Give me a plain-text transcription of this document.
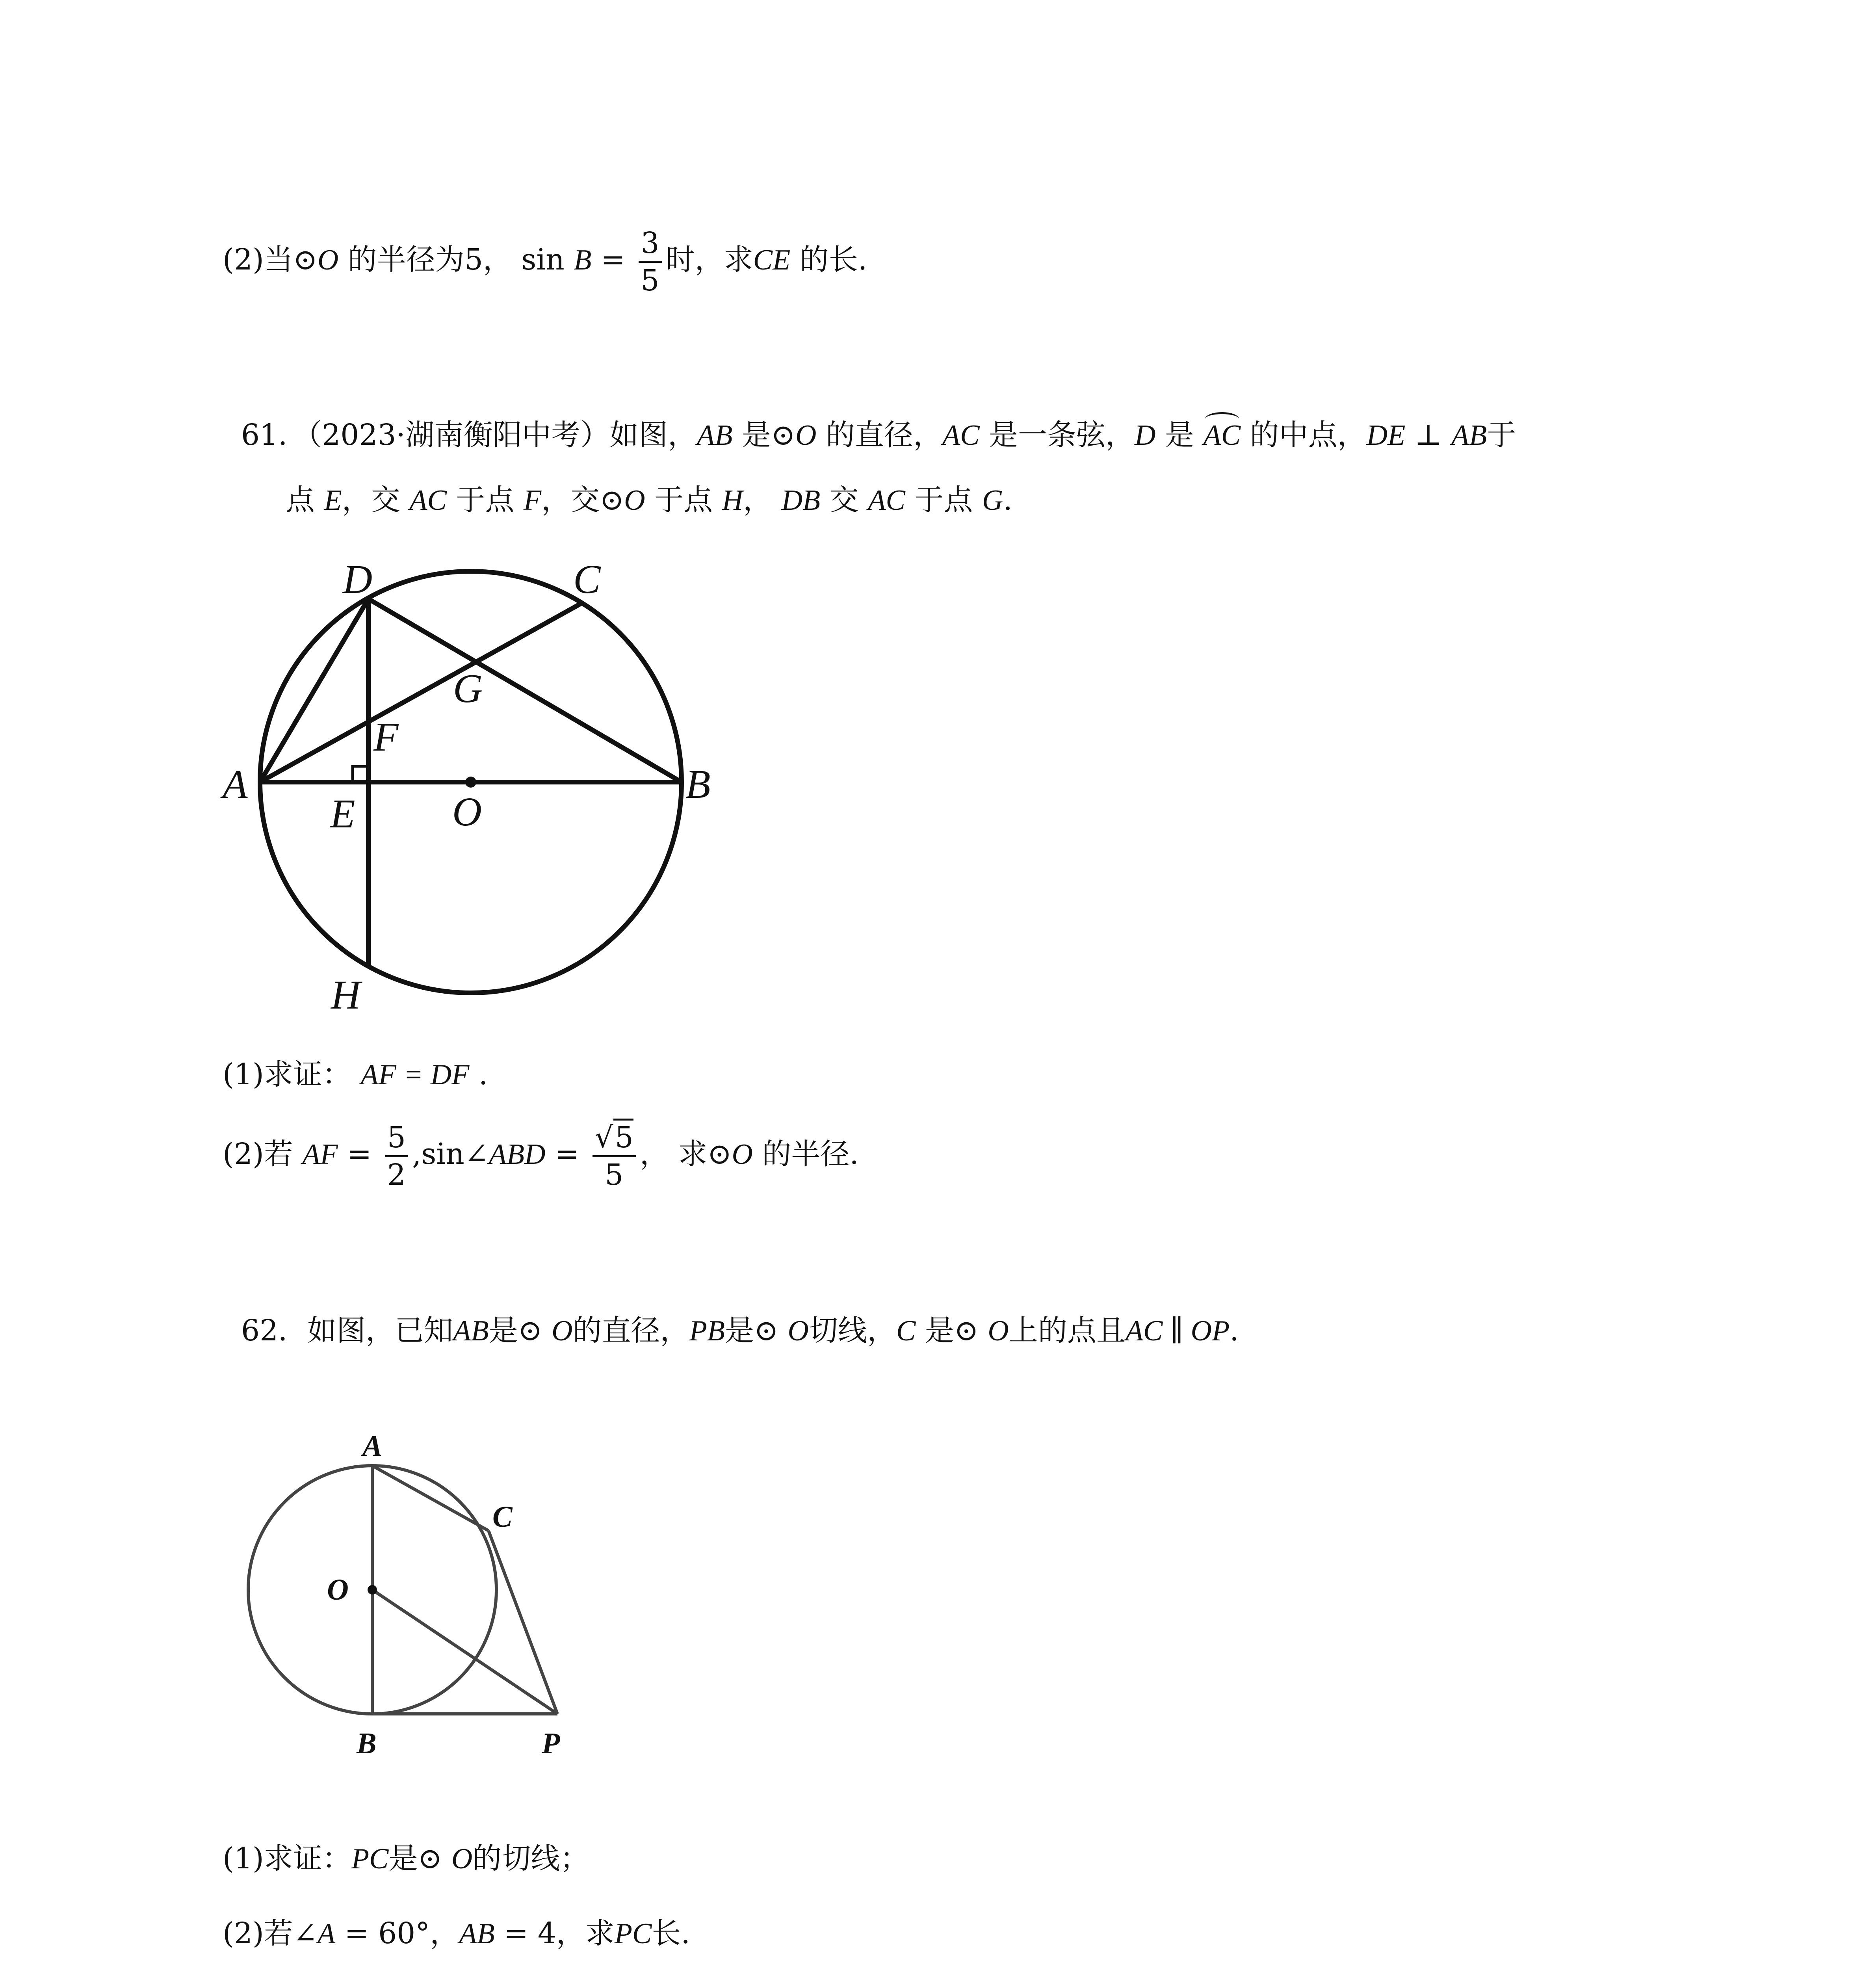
(2)当⊙O 的半径为5， $\sin B = \frac{3}{5}$ 时，求CE 的长.
61．（2023·湖南衡阳中考）如图，AB 是⊙O 的直径，AC 是一条弦，D 是 AC 的中点，DE ⊥ AB于
点 E，交 AC 于点 F，交⊙O 于点 H， DB 交 AC 于点 G.
D	C
G
F
A
E O
B
H
(1)求证： AF = DF .
(2)若 AF = $\frac{5}{2}$ ,sin∠ABD = $\frac{√5}{5}$ ， 求⊙O 的半径.
62．如图，已知AB是⊙ O的直径，PB是⊙ O切线，C 是⊙ O上的点且AC ∥ OP.
A
C
O
B	P
(1)求证：PC是⊙ O的切线；
(2)若∠A = 60°，AB = 4，求PC长.
